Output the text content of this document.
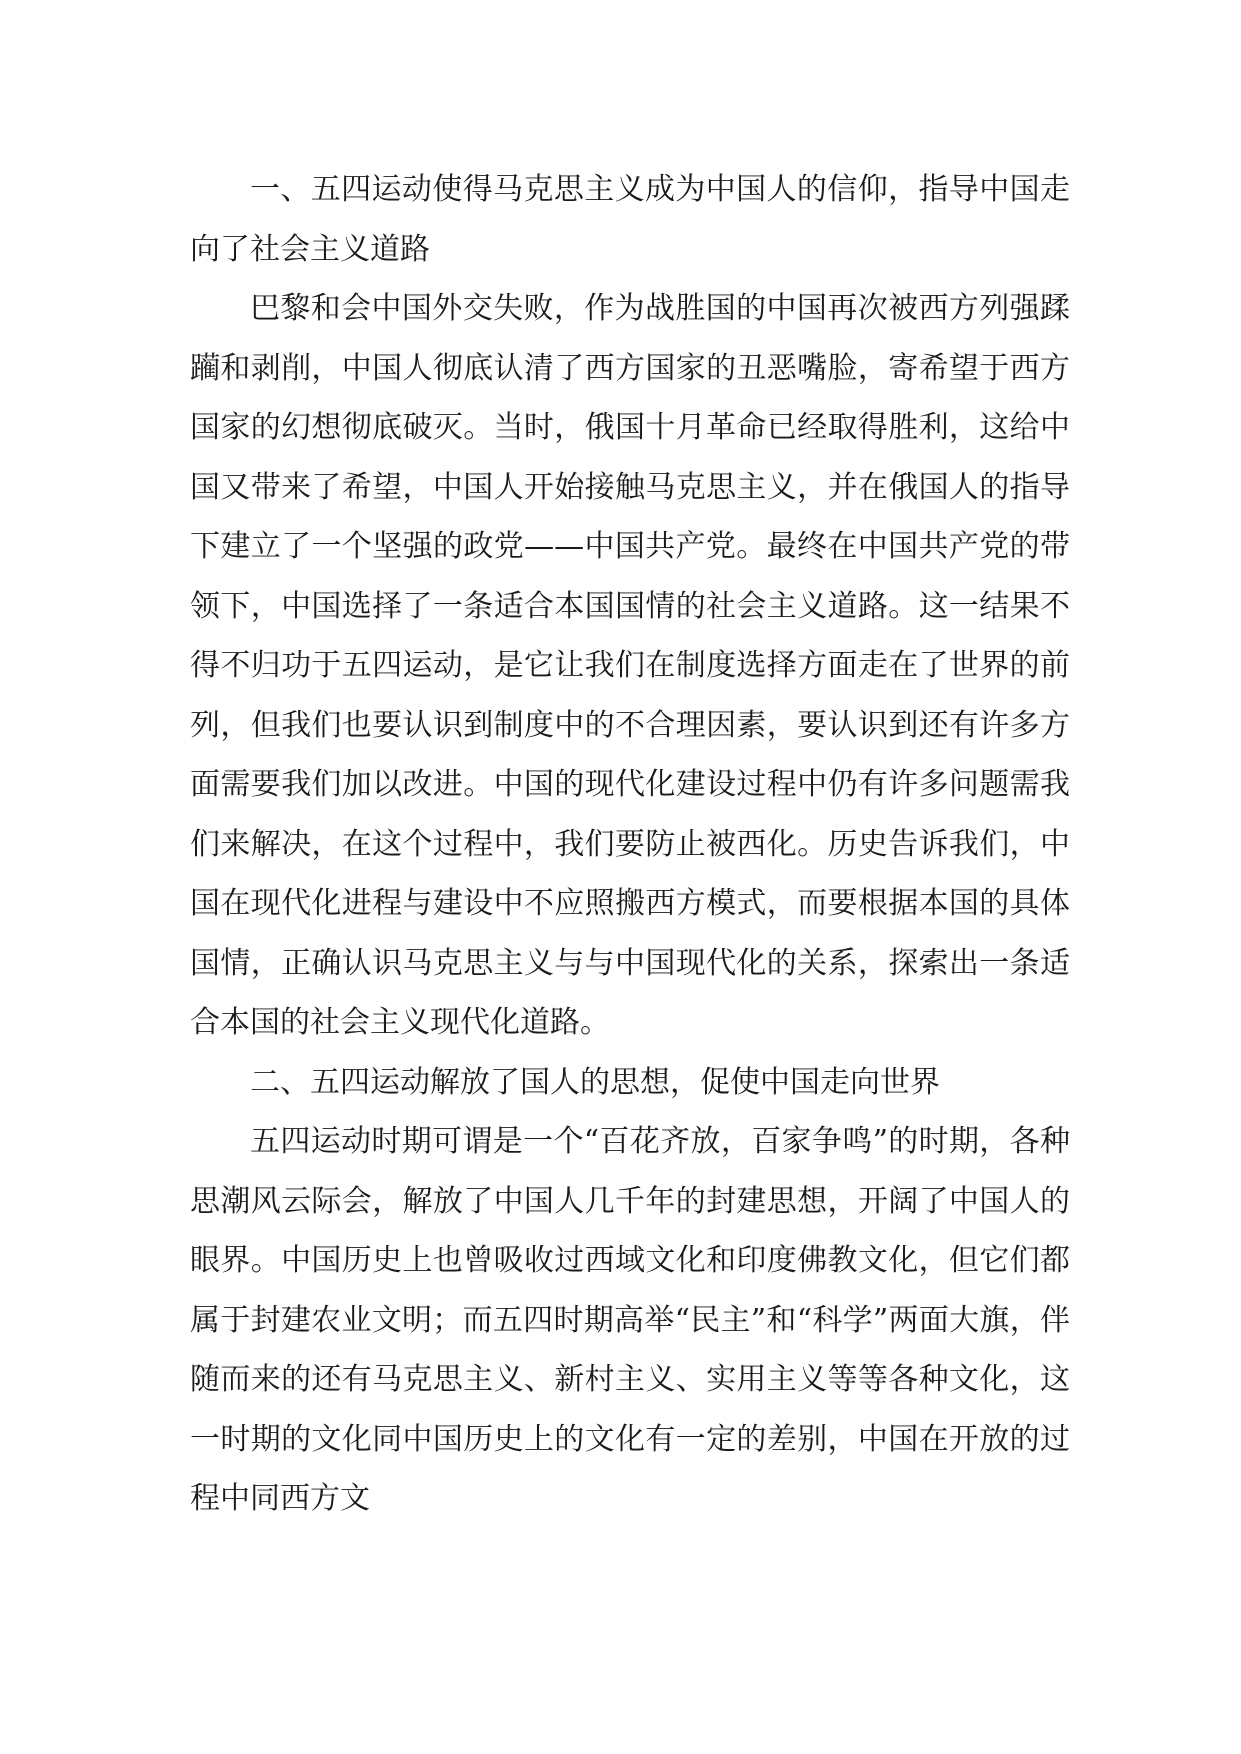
一、五四运动使得马克思主义成为中国人的信仰，指导中国走向了社会主义道路

巴黎和会中国外交失败，作为战胜国的中国再次被西方列强蹂躏和剥削，中国人彻底认清了西方国家的丑恶嘴脸，寄希望于西方国家的幻想彻底破灭。当时，俄国十月革命已经取得胜利，这给中国又带来了希望，中国人开始接触马克思主义，并在俄国人的指导下建立了一个坚强的政党——中国共产党。最终在中国共产党的带领下，中国选择了一条适合本国国情的社会主义道路。这一结果不得不归功于五四运动，是它让我们在制度选择方面走在了世界的前列，但我们也要认识到制度中的不合理因素，要认识到还有许多方面需要我们加以改进。中国的现代化建设过程中仍有许多问题需我们来解决，在这个过程中，我们要防止被西化。历史告诉我们，中国在现代化进程与建设中不应照搬西方模式，而要根据本国的具体国情，正确认识马克思主义与与中国现代化的关系，探索出一条适合本国的社会主义现代化道路。

二、五四运动解放了国人的思想，促使中国走向世界

五四运动时期可谓是一个“百花齐放，百家争鸣”的时期，各种思潮风云际会，解放了中国人几千年的封建思想，开阔了中国人的眼界。中国历史上也曾吸收过西域文化和印度佛教文化，但它们都属于封建农业文明；而五四时期高举“民主”和“科学”两面大旗，伴随而来的还有马克思主义、新村主义、实用主义等等各种文化，这一时期的文化同中国历史上的文化有一定的差别，中国在开放的过程中同西方文
